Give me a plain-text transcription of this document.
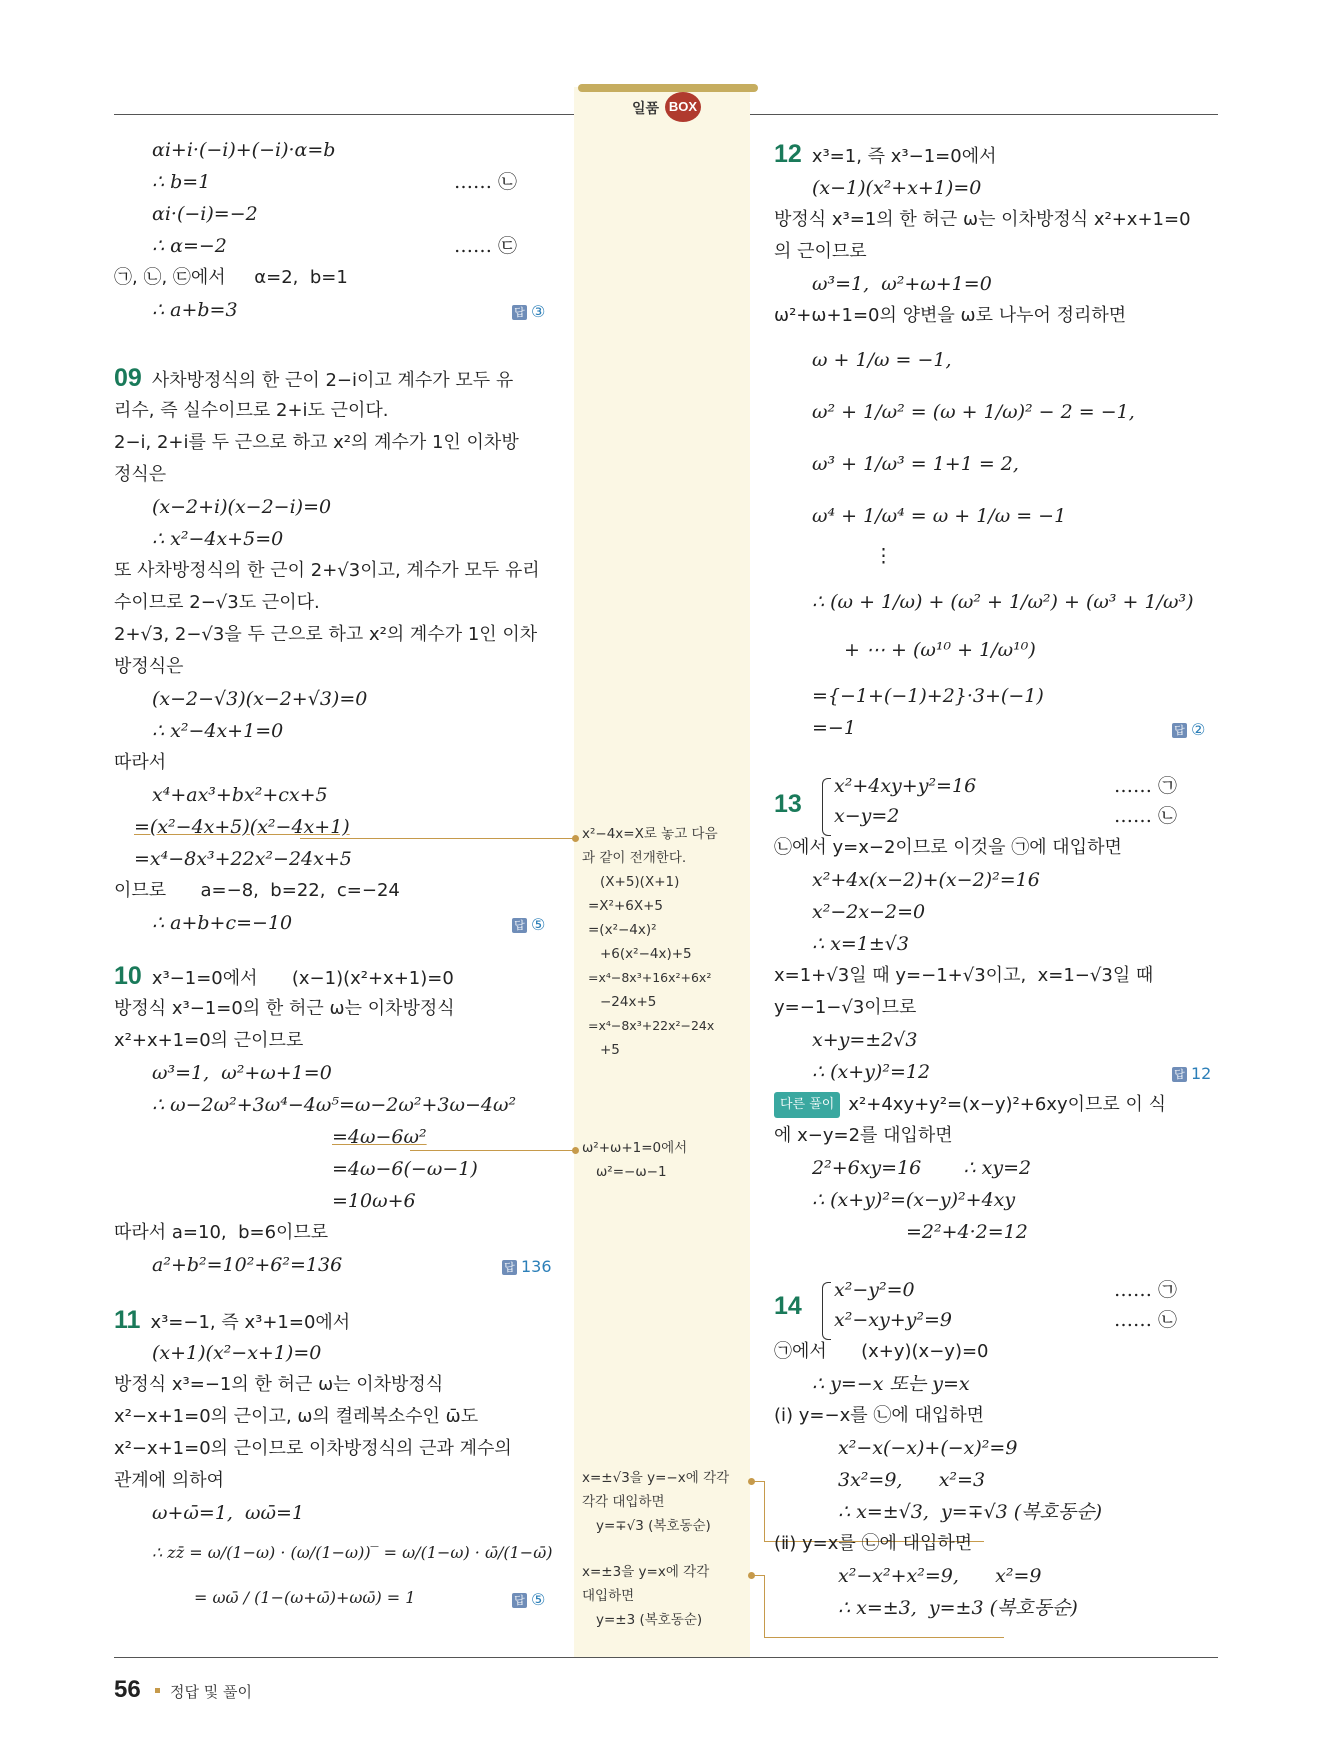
일품 BOX
αi+i·(−i)+(−i)·α=b
∴ b=1	…… ㉡
αi·(−i)=−2
∴ α=−2	…… ㉢
㉠, ㉡, ㉢에서     α=2,  b=1
∴ a+b=3	답 ③
09 사차방정식의 한 근이 2−i이고 계수가 모두 유
리수, 즉 실수이므로 2+i도 근이다.
2−i, 2+i를 두 근으로 하고 x²의 계수가 1인 이차방
정식은
(x−2+i)(x−2−i)=0
∴ x²−4x+5=0
또 사차방정식의 한 근이 2+√3이고, 계수가 모두 유리
수이므로 2−√3도 근이다.
2+√3, 2−√3을 두 근으로 하고 x²의 계수가 1인 이차
방정식은
(x−2−√3)(x−2+√3)=0
∴ x²−4x+1=0
따라서
x⁴+ax³+bx²+cx+5
=(x²−4x+5)(x²−4x+1)
=x⁴−8x³+22x²−24x+5
이므로      a=−8,  b=22,  c=−24
∴ a+b+c=−10	답 ⑤
10 x³−1=0에서      (x−1)(x²+x+1)=0
방정식 x³−1=0의 한 허근 ω는 이차방정식
x²+x+1=0의 근이므로
ω³=1,  ω²+ω+1=0
∴ ω−2ω²+3ω⁴−4ω⁵=ω−2ω²+3ω−4ω²
=4ω−6ω²
=4ω−6(−ω−1)
=10ω+6
따라서 a=10,  b=6이므로
a²+b²=10²+6²=136	답 136
11 x³=−1, 즉 x³+1=0에서
(x+1)(x²−x+1)=0
방정식 x³=−1의 한 허근 ω는 이차방정식
x²−x+1=0의 근이고, ω의 켤레복소수인 ω̄도
x²−x+1=0의 근이므로 이차방정식의 근과 계수의
관계에 의하여
ω+ω̄=1,  ωω̄=1
∴ zz̄ = ω/(1−ω) · (ω/(1−ω))‾ = ω/(1−ω) · ω̄/(1−ω̄)
= ωω̄ / (1−(ω+ω̄)+ωω̄) = 1	답 ⑤
x²−4x=X로 놓고 다음
과 같이 전개한다.
(X+5)(X+1)
=X²+6X+5
=(x²−4x)²
+6(x²−4x)+5
=x⁴−8x³+16x²+6x²
−24x+5
=x⁴−8x³+22x²−24x
+5
ω²+ω+1=0에서
ω²=−ω−1
x=±√3을 y=−x에 각각
각각 대입하면
y=∓√3 (복호동순)
x=±3을 y=x에 각각
대입하면
y=±3 (복호동순)
12 x³=1, 즉 x³−1=0에서
(x−1)(x²+x+1)=0
방정식 x³=1의 한 허근 ω는 이차방정식 x²+x+1=0
의 근이므로
ω³=1,  ω²+ω+1=0
ω²+ω+1=0의 양변을 ω로 나누어 정리하면
ω + 1/ω = −1,
ω² + 1/ω² = (ω + 1/ω)² − 2 = −1,
ω³ + 1/ω³ = 1+1 = 2,
ω⁴ + 1/ω⁴ = ω + 1/ω = −1
⋮
∴ (ω + 1/ω) + (ω² + 1/ω²) + (ω³ + 1/ω³)
+ ⋯ + (ω¹⁰ + 1/ω¹⁰)
={−1+(−1)+2}·3+(−1)
=−1	답 ②
13
x²+4xy+y²=16	…… ㉠
x−y=2	…… ㉡
㉡에서 y=x−2이므로 이것을 ㉠에 대입하면
x²+4x(x−2)+(x−2)²=16
x²−2x−2=0
∴ x=1±√3
x=1+√3일 때 y=−1+√3이고,  x=1−√3일 때
y=−1−√3이므로
x+y=±2√3
∴ (x+y)²=12	답 12
다른 풀이 x²+4xy+y²=(x−y)²+6xy이므로 이 식
에 x−y=2를 대입하면
2²+6xy=16       ∴ xy=2
∴ (x+y)²=(x−y)²+4xy
=2²+4·2=12
14
x²−y²=0	…… ㉠
x²−xy+y²=9	…… ㉡
㉠에서      (x+y)(x−y)=0
∴ y=−x 또는 y=x
(ⅰ) y=−x를 ㉡에 대입하면
x²−x(−x)+(−x)²=9
3x²=9,      x²=3
∴ x=±√3,  y=∓√3 (복호동순)
(ⅱ) y=x를 ㉡에 대입하면
x²−x²+x²=9,      x²=9
∴ x=±3,  y=±3 (복호동순)
56 정답 및 풀이
